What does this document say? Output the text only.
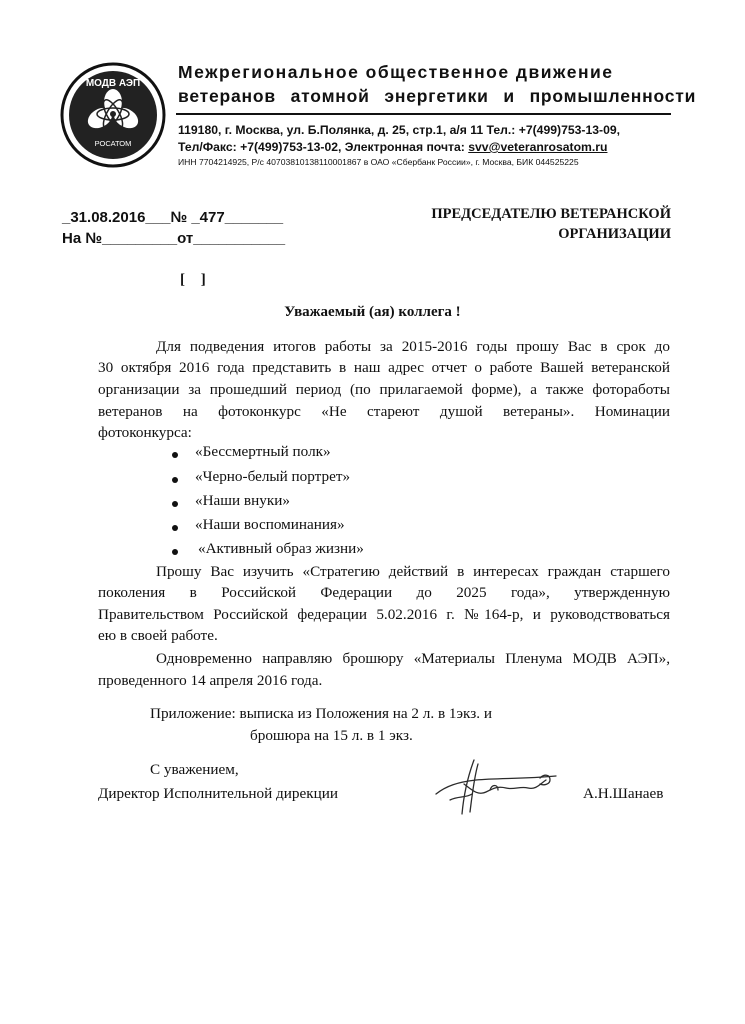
МОДВ АЭП
РОСАТОМ
Межрегиональное общественное движение
ветеранов атомной энергетики и промышленности
119180, г. Москва, ул. Б.Полянка, д. 25, стр.1, а/я 11 Тел.: +7(499)753-13-09,
Тел/Факс: +7(499)753-13-02, Электронная почта: svv@veteranrosatom.ru
ИНН 7704214925, Р/с 40703810138110001867 в ОАО «Сбербанк России», г. Москва, БИК 044525225
_31.08.2016___№ _477_______
На №_________от___________
ПРЕДСЕДАТЕЛЮ ВЕТЕРАНСКОЙ
ОРГАНИЗАЦИИ
[ ]
Уважаемый (ая) коллега !
Для подведения итогов работы за 2015-2016 годы прошу Вас в срок до
30 октября 2016 года представить в наш адрес отчет о работе Вашей ветеранской
организации за прошедший период (по прилагаемой форме), а также фотоработы
ветеранов на фотоконкурс «Не стареют душой ветераны». Номинации
фотоконкурса:
«Бессмертный полк»
«Черно-белый портрет»
«Наши внуки»
«Наши воспоминания»
«Активный образ жизни»
Прошу Вас изучить «Стратегию действий в интересах граждан старшего
поколения в Российской Федерации до 2025 года», утвержденную
Правительством Российской федерации 5.02.2016 г. №164-р, и руководствоваться
ею в своей работе.
Одновременно направляю брошюру «Материалы Пленума МОДВ АЭП»,
проведенного 14 апреля 2016 года.
Приложение: выписка из Положения на 2 л. в 1экз. и
брошюра на 15 л. в 1 экз.
С уважением,
Директор Исполнительной дирекции	А.Н.Шанаев
